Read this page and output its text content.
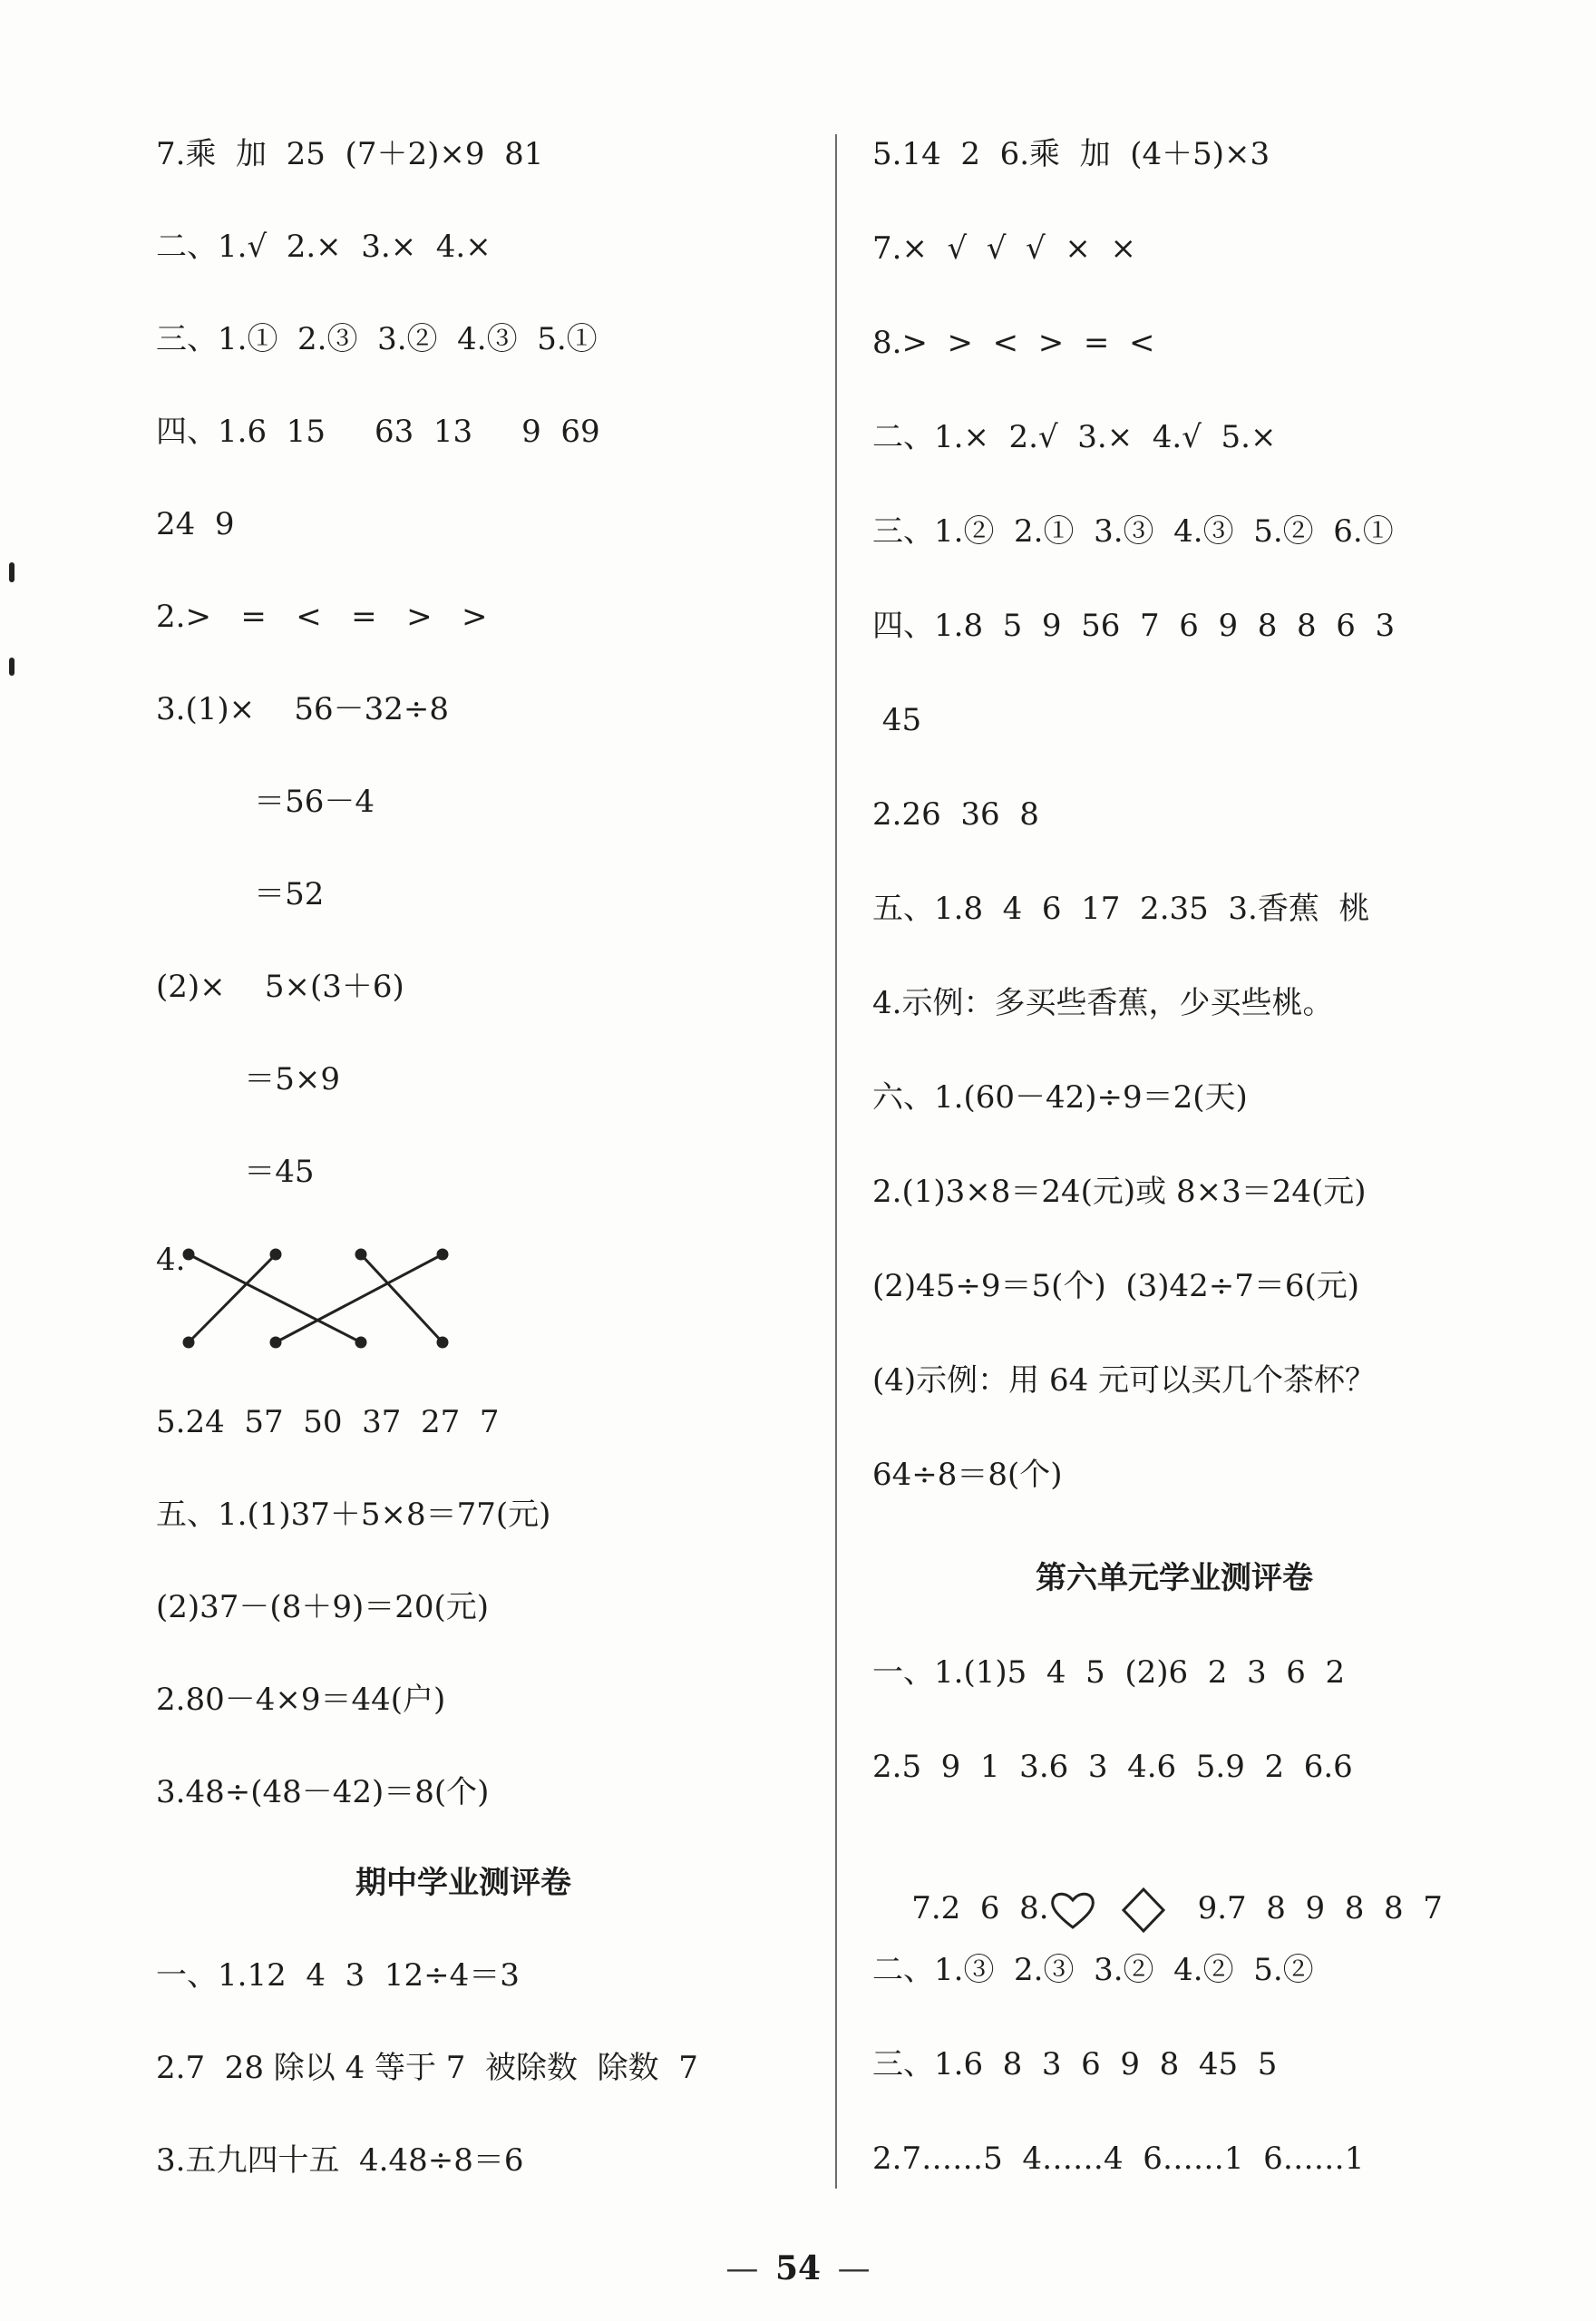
7.乘  加  25  (7＋2)×9  81
二、1.√  2.×  3.×  4.×
三、1.①  2.③  3.②  4.③  5.①
四、1.6  15     63  13     9  69
24  9
2.>   =   <   =   >   >
3.(1)×    56－32÷8
＝56－4
＝52
(2)×    5×(3＋6)
＝5×9
＝45
4.
5.24  57  50  37  27  7
五、1.(1)37＋5×8＝77(元)
(2)37－(8＋9)＝20(元)
2.80－4×9＝44(户)
3.48÷(48－42)＝8(个)
期中学业测评卷
一、1.12  4  3  12÷4＝3
2.7  28 除以 4 等于 7  被除数  除数  7
3.五九四十五  4.48÷8＝6
5.14  2  6.乘  加  (4＋5)×3
7.×  √  √  √  ×  ×
8.>  >  <  >  =  <
二、1.×  2.√  3.×  4.√  5.×
三、1.②  2.①  3.③  4.③  5.②  6.①
四、1.8  5  9  56  7  6  9  8  8  6  3
45
2.26  36  8
五、1.8  4  6  17  2.35  3.香蕉  桃
4.示例：多买些香蕉，少买些桃。
六、1.(60－42)÷9＝2(天)
2.(1)3×8＝24(元)或 8×3＝24(元)
(2)45÷9＝5(个)  (3)42÷7＝6(元)
(4)示例：用 64 元可以买几个茶杯？
64÷8＝8(个)
第六单元学业测评卷
一、1.(1)5  4  5  (2)6  2  3  6  2
2.5  9  1  3.6  3  4.6  5.9  2  6.6

7.2  6  8.	9.7  8  9  8  8  7

二、1.③  2.③  3.②  4.②  5.②
三、1.6  8  3  6  9  8  45  5
2.7……5  4……4  6……1  6……1
—   54   —
